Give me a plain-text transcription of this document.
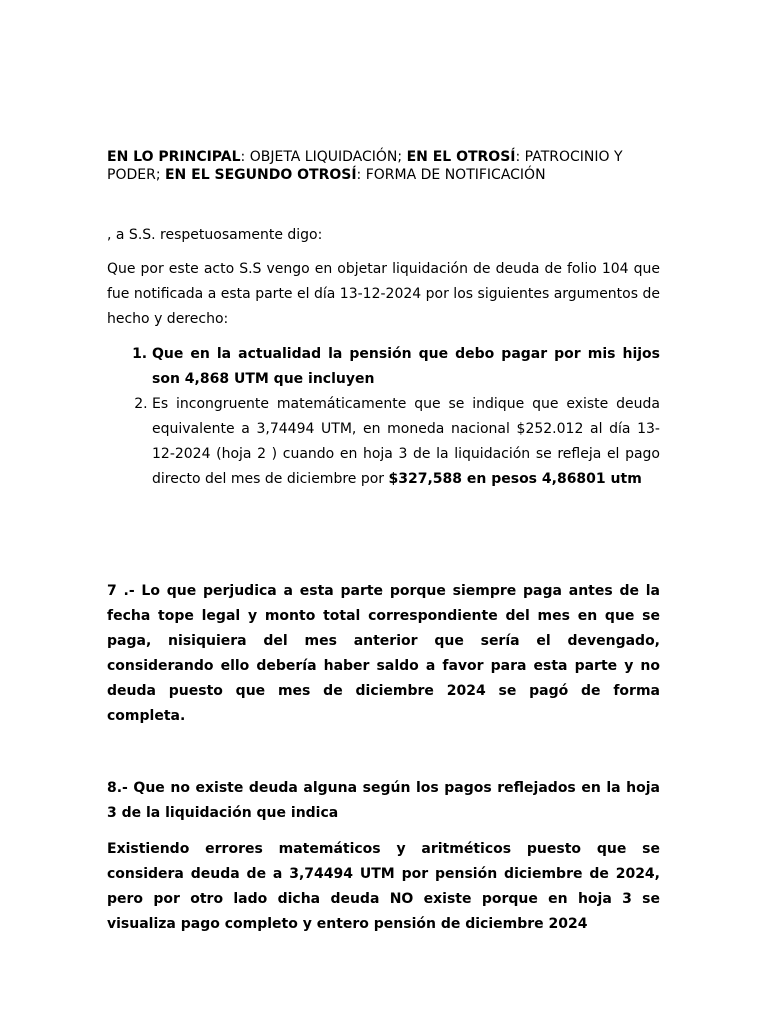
EN LO PRINCIPAL: OBJETA LIQUIDACIÓN; EN EL OTROSÍ: PATROCINIO Y PODER; EN EL SEGUNDO OTROSÍ: FORMA DE NOTIFICACIÓN

, a S.S. respetuosamente digo:

Que por este acto S.S vengo en objetar liquidación de deuda de folio 104 que fue notificada a esta parte el día 13-12-2024 por los siguientes argumentos de hecho y derecho:

1. Que en la actualidad la pensión que debo pagar por mis hijos son 4,868 UTM que incluyen
2. Es incongruente matemáticamente que se indique que existe deuda equivalente a 3,74494 UTM, en moneda nacional $252.012 al día 13- 12-2024 (hoja 2 ) cuando en hoja 3 de la liquidación se refleja el pago directo del mes de diciembre por $327,588 en pesos 4,86801 utm

7 .- Lo que perjudica a esta parte porque siempre paga antes de la fecha tope legal y monto total correspondiente del mes en que se paga, nisiquiera del mes anterior que sería el devengado, considerando ello debería haber saldo a favor para esta parte y no deuda puesto que mes de diciembre 2024 se pagó de forma completa.

8.- Que no existe deuda alguna según los pagos reflejados en la hoja 3 de la liquidación que indica

Existiendo errores matemáticos y aritméticos puesto que se considera deuda de a 3,74494 UTM por pensión diciembre de 2024, pero por otro lado dicha deuda NO existe porque en hoja 3 se visualiza pago completo y entero pensión de diciembre 2024
